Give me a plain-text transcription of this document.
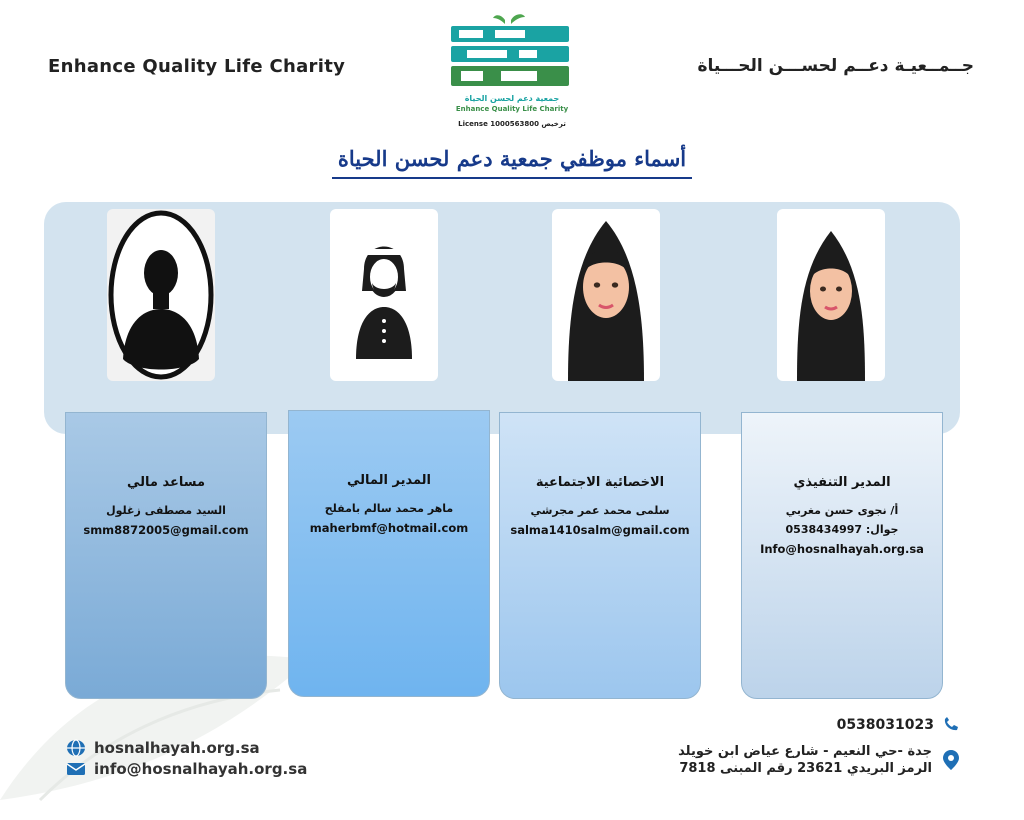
Enhance Quality Life Charity
جمعية دعم لحسن الحياة
Enhance Quality Life Charity
License 1000563800 ترخيص
جــمــعيـة دعــم لحســـن الحـــياة
أسماء موظفي جمعية دعم لحسن الحياة
المدير التنفيذي
أ/ نجوى حسن مغربي
جوال: 0538434997
Info@hosnalhayah.org.sa
الاخصائية الاجتماعية
سلمى محمد عمر مجرشي
salma1410salm@gmail.com
المدير المالي
ماهر محمد سالم بامفلح
maherbmf@hotmail.com
مساعد مالي
السيد مصطفى زغلول
smm8872005@gmail.com
hosnalhayah.org.sa
info@hosnalhayah.org.sa
0538031023
جدة -حي النعيم - شارع عياض ابن خويلد
الرمز البريدي 23621 رقم المبنى 7818
